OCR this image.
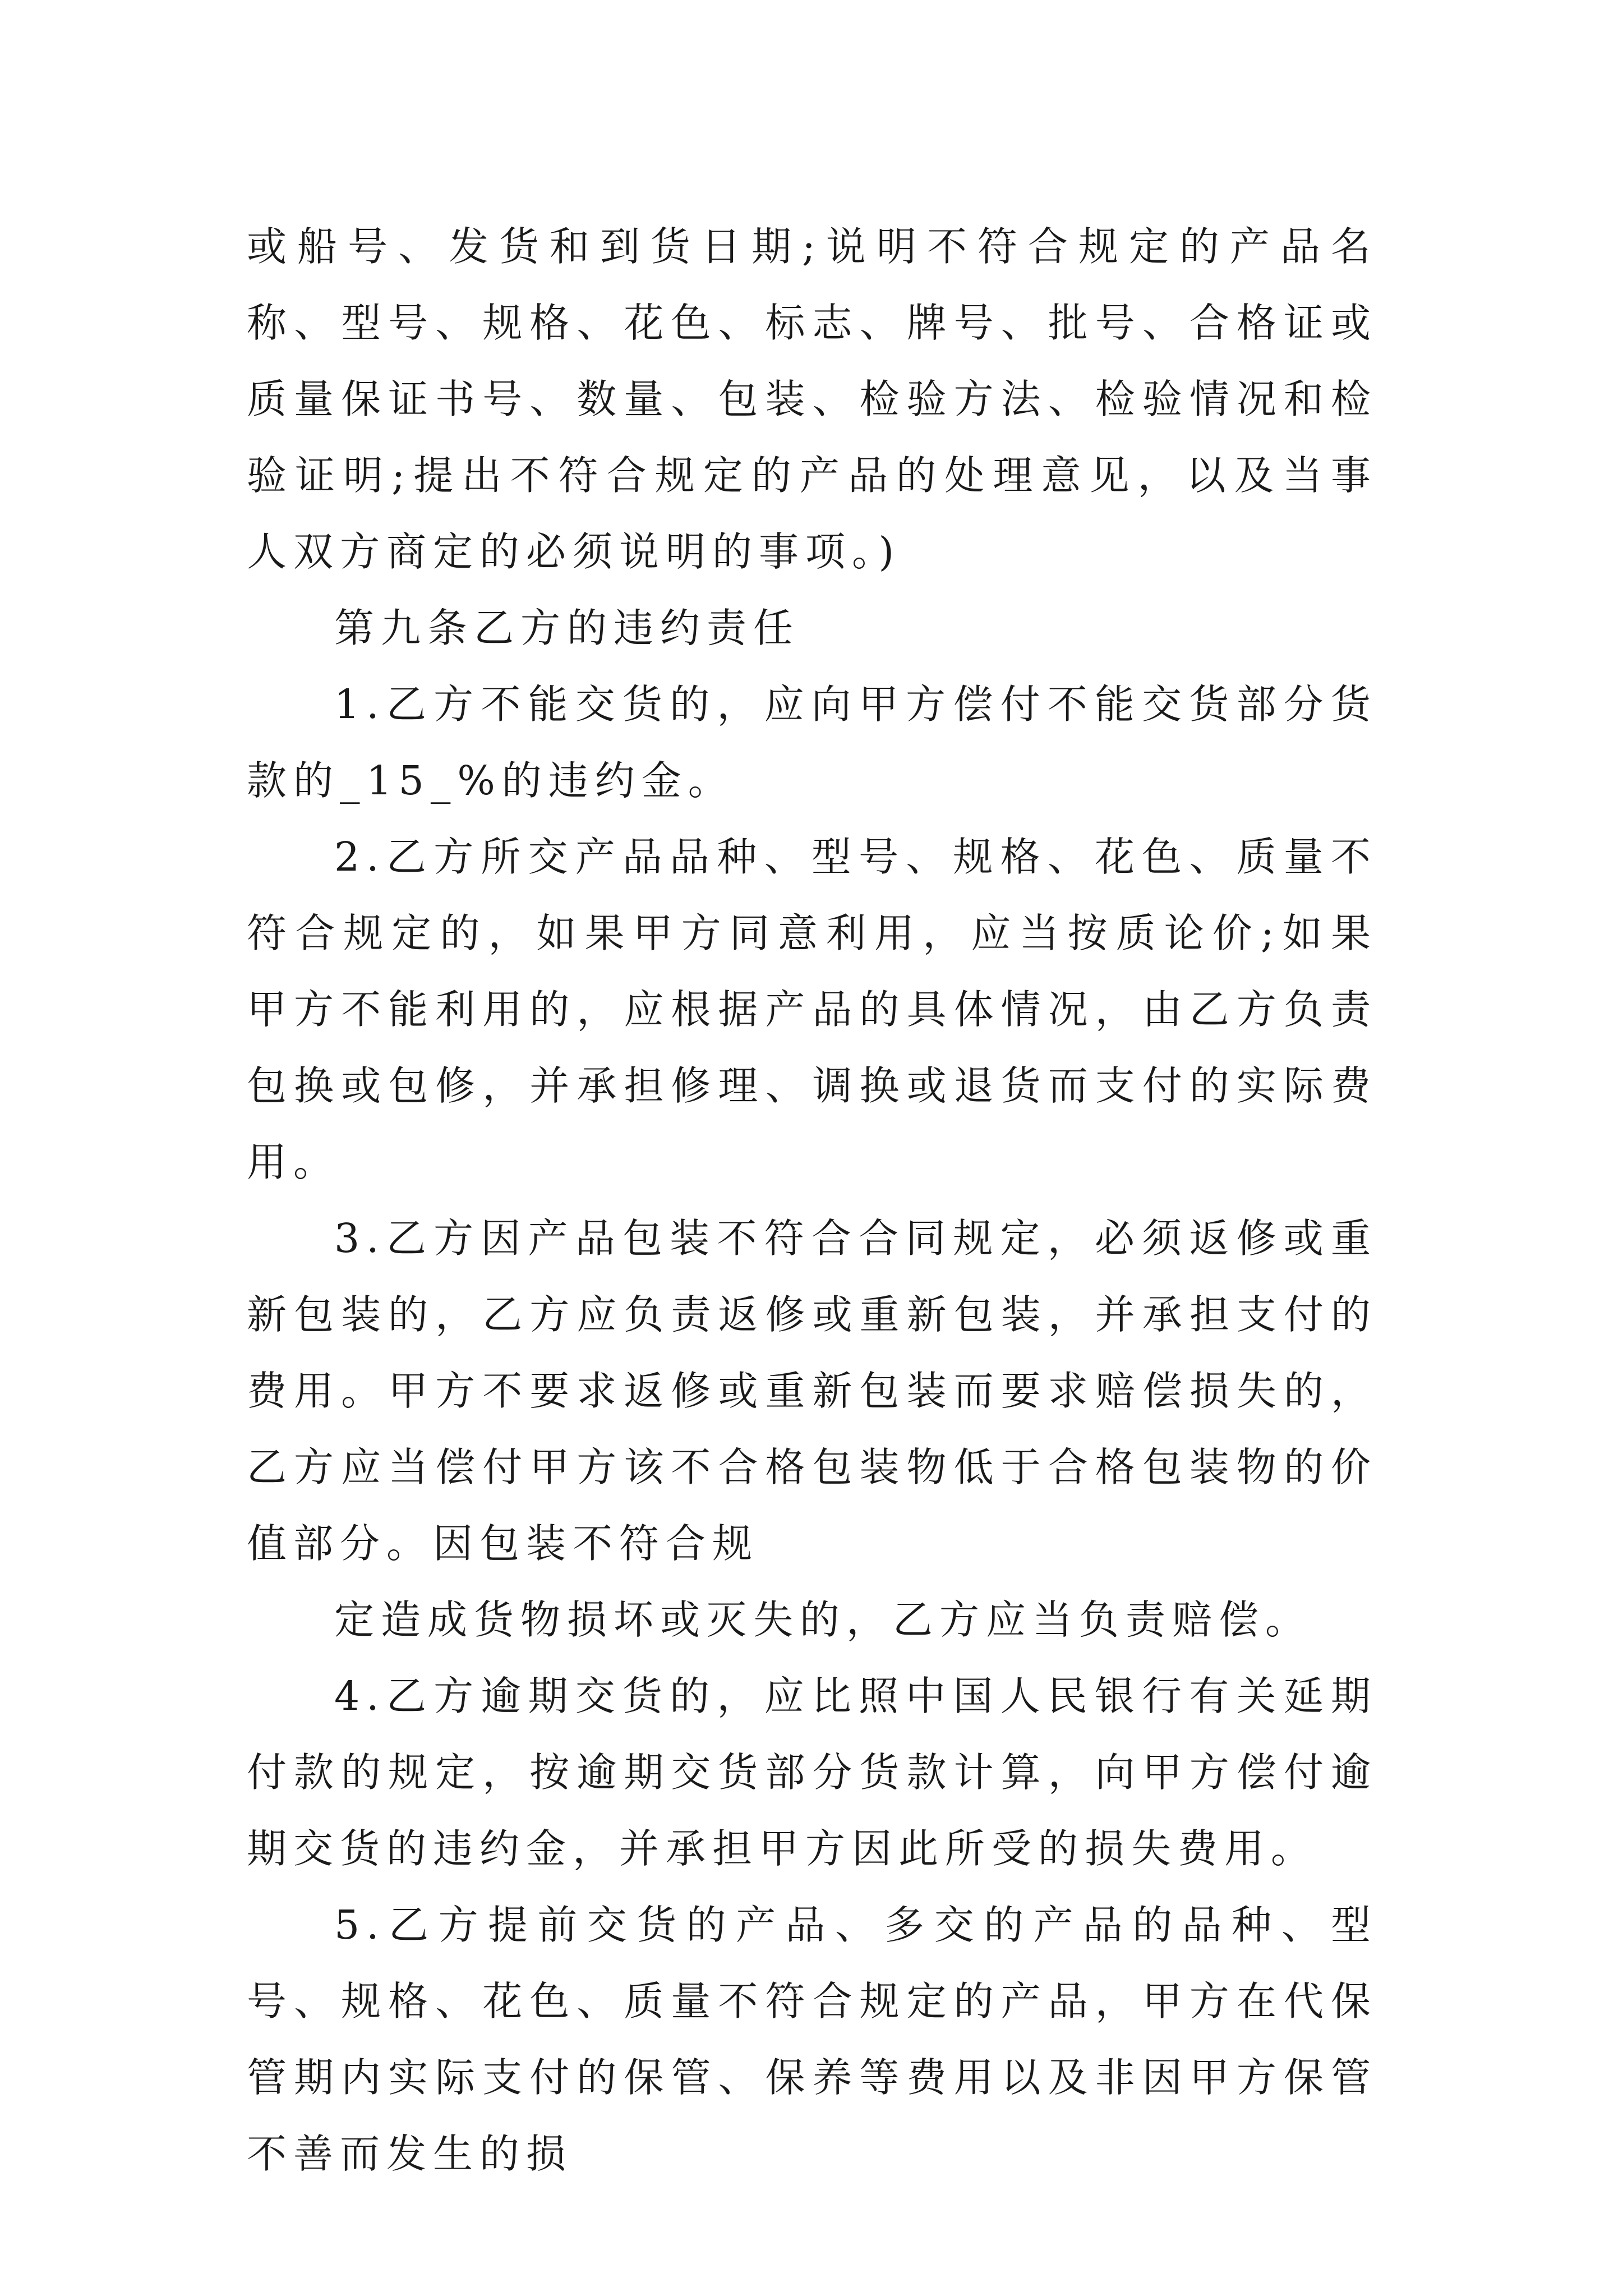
或船号、发货和到货日期;说明不符合规定的产品名称、型号、规格、花色、标志、牌号、批号、合格证或质量保证书号、数量、包装、检验方法、检验情况和检验证明;提出不符合规定的产品的处理意见，以及当事人双方商定的必须说明的事项。)

第九条乙方的违约责任

1.乙方不能交货的，应向甲方偿付不能交货部分货款的_15_%的违约金。

2.乙方所交产品品种、型号、规格、花色、质量不符合规定的，如果甲方同意利用，应当按质论价;如果甲方不能利用的，应根据产品的具体情况，由乙方负责包换或包修，并承担修理、调换或退货而支付的实际费用。

3.乙方因产品包装不符合合同规定，必须返修或重新包装的，乙方应负责返修或重新包装，并承担支付的费用。甲方不要求返修或重新包装而要求赔偿损失的，乙方应当偿付甲方该不合格包装物低于合格包装物的价值部分。因包装不符合规

定造成货物损坏或灭失的，乙方应当负责赔偿。

4.乙方逾期交货的，应比照中国人民银行有关延期付款的规定，按逾期交货部分货款计算，向甲方偿付逾期交货的违约金，并承担甲方因此所受的损失费用。

5.乙方提前交货的产品、多交的产品的品种、型号、规格、花色、质量不符合规定的产品，甲方在代保管期内实际支付的保管、保养等费用以及非因甲方保管不善而发生的损
